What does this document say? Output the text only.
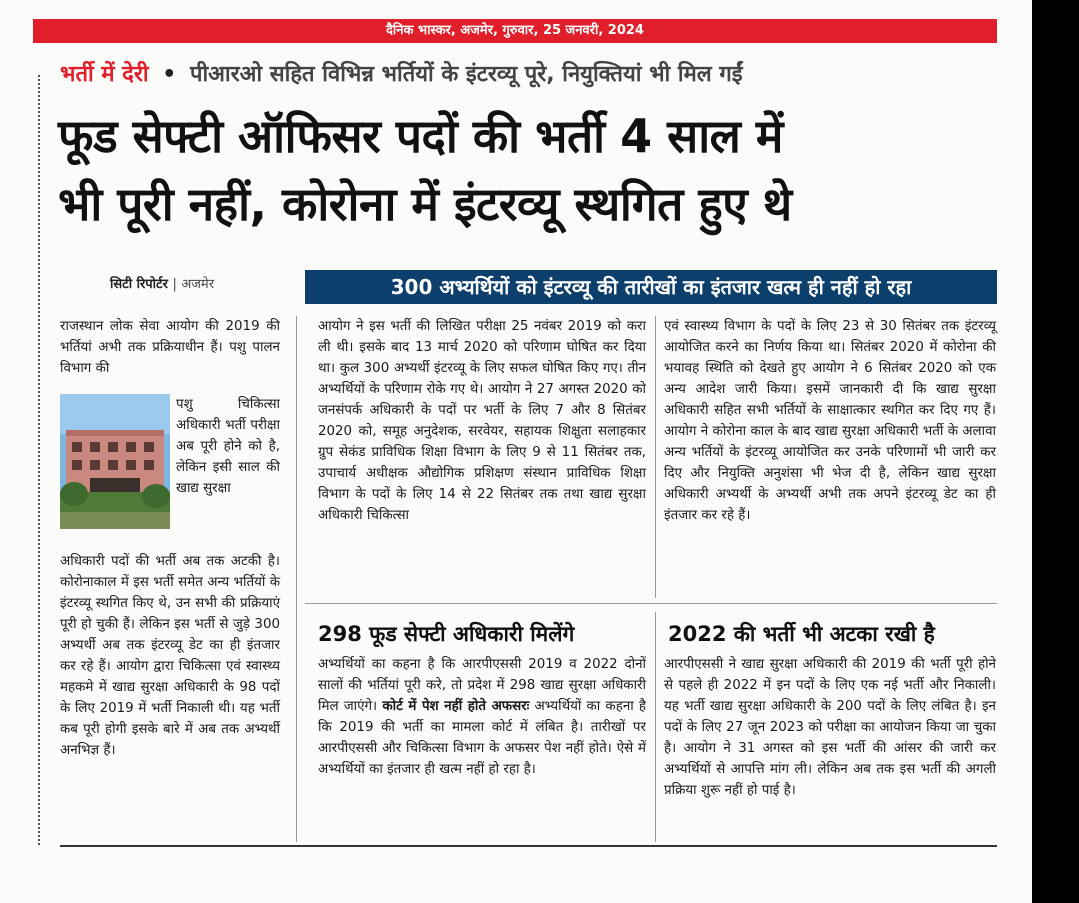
दैनिक भास्कर, अजमेर, गुरुवार, 25 जनवरी, 2024
भर्ती में देरी • पीआरओ सहित विभिन्न भर्तियों के इंटरव्यू पूरे, नियुक्तियां भी मिल गईं
फूड सेफ्टी ऑफिसर पदों की भर्ती 4 साल में
भी पूरी नहीं, कोरोना में इंटरव्यू स्थगित हुए थे
सिटी रिपोर्टर | अजमेर	300 अभ्यर्थियों को इंटरव्यू की तारीखों का इंतजार खत्म ही नहीं हो रहा
राजस्थान लोक सेवा आयोग की 2019 की भर्तियां अभी तक प्रक्रियाधीन हैं। पशु पालन विभाग की
पशु चिकित्सा अधिकारी भर्ती परीक्षा अब पूरी होने को है, लेकिन इसी साल की खाद्य सुरक्षा
अधिकारी पदों की भर्ती अब तक अटकी है। कोरोनाकाल में इस भर्ती समेत अन्य भर्तियों के इंटरव्यू स्थगित किए थे, उन सभी की प्रक्रियाएं पूरी हो चुकी हैं। लेकिन इस भर्ती से जुड़े 300 अभ्यर्थी अब तक इंटरव्यू डेट का ही इंतजार कर रहे हैं। आयोग द्वारा चिकित्सा एवं स्वास्थ्य महकमे में खाद्य सुरक्षा अधिकारी के 98 पदों के लिए 2019 में भर्ती निकाली थी। यह भर्ती कब पूरी होगी इसके बारे में अब तक अभ्यर्थी अनभिज्ञ हैं।
आयोग ने इस भर्ती की लिखित परीक्षा 25 नवंबर 2019 को करा ली थी। इसके बाद 13 मार्च 2020 को परिणाम घोषित कर दिया था। कुल 300 अभ्यर्थी इंटरव्यू के लिए सफल घोषित किए गए। तीन अभ्यर्थियों के परिणाम रोके गए थे। आयोग ने 27 अगस्त 2020 को जनसंपर्क अधिकारी के पदों पर भर्ती के लिए 7 और 8 सितंबर 2020 को, समूह अनुदेशक, सरवेयर, सहायक शिक्षुता सलाहकार ग्रुप सेकंड प्राविधिक शिक्षा विभाग के लिए 9 से 11 सितंबर तक, उपाचार्य अधीक्षक औद्योगिक प्रशिक्षण संस्थान प्राविधिक शिक्षा विभाग के पदों के लिए 14 से 22 सितंबर तक तथा खाद्य सुरक्षा अधिकारी चिकित्सा
एवं स्वास्थ्य विभाग के पदों के लिए 23 से 30 सितंबर तक इंटरव्यू आयोजित करने का निर्णय किया था। सितंबर 2020 में कोरोना की भयावह स्थिति को देखते हुए आयोग ने 6 सितंबर 2020 को एक अन्य आदेश जारी किया। इसमें जानकारी दी कि खाद्य सुरक्षा अधिकारी सहित सभी भर्तियों के साक्षात्कार स्थगित कर दिए गए हैं। आयोग ने कोरोना काल के बाद खाद्य सुरक्षा अधिकारी भर्ती के अलावा अन्य भर्तियों के इंटरव्यू आयोजित कर उनके परिणामों भी जारी कर दिए और नियुक्ति अनुशंसा भी भेज दी है, लेकिन खाद्य सुरक्षा अधिकारी अभ्यर्थी के अभ्यर्थी अभी तक अपने इंटरव्यू डेट का ही इंतजार कर रहे हैं।
298 फूड सेफ्टी अधिकारी मिलेंगे
अभ्यर्थियों का कहना है कि आरपीएससी 2019 व 2022 दोनों सालों की भर्तियां पूरी करे, तो प्रदेश में 298 खाद्य सुरक्षा अधिकारी मिल जाएंगे। कोर्ट में पेश नहीं होते अफसरः अभ्यर्थियों का कहना है कि 2019 की भर्ती का मामला कोर्ट में लंबित है। तारीखों पर आरपीएससी और चिकित्सा विभाग के अफसर पेश नहीं होते। ऐसे में अभ्यर्थियों का इंतजार ही खत्म नहीं हो रहा है।
2022 की भर्ती भी अटका रखी है
आरपीएससी ने खाद्य सुरक्षा अधिकारी की 2019 की भर्ती पूरी होने से पहले ही 2022 में इन पदों के लिए एक नई भर्ती और निकाली। यह भर्ती खाद्य सुरक्षा अधिकारी के 200 पदों के लिए लंबित है। इन पदों के लिए 27 जून 2023 को परीक्षा का आयोजन किया जा चुका है। आयोग ने 31 अगस्त को इस भर्ती की आंसर की जारी कर अभ्यर्थियों से आपत्ति मांग ली। लेकिन अब तक इस भर्ती की अगली प्रक्रिया शुरू नहीं हो पाई है।
